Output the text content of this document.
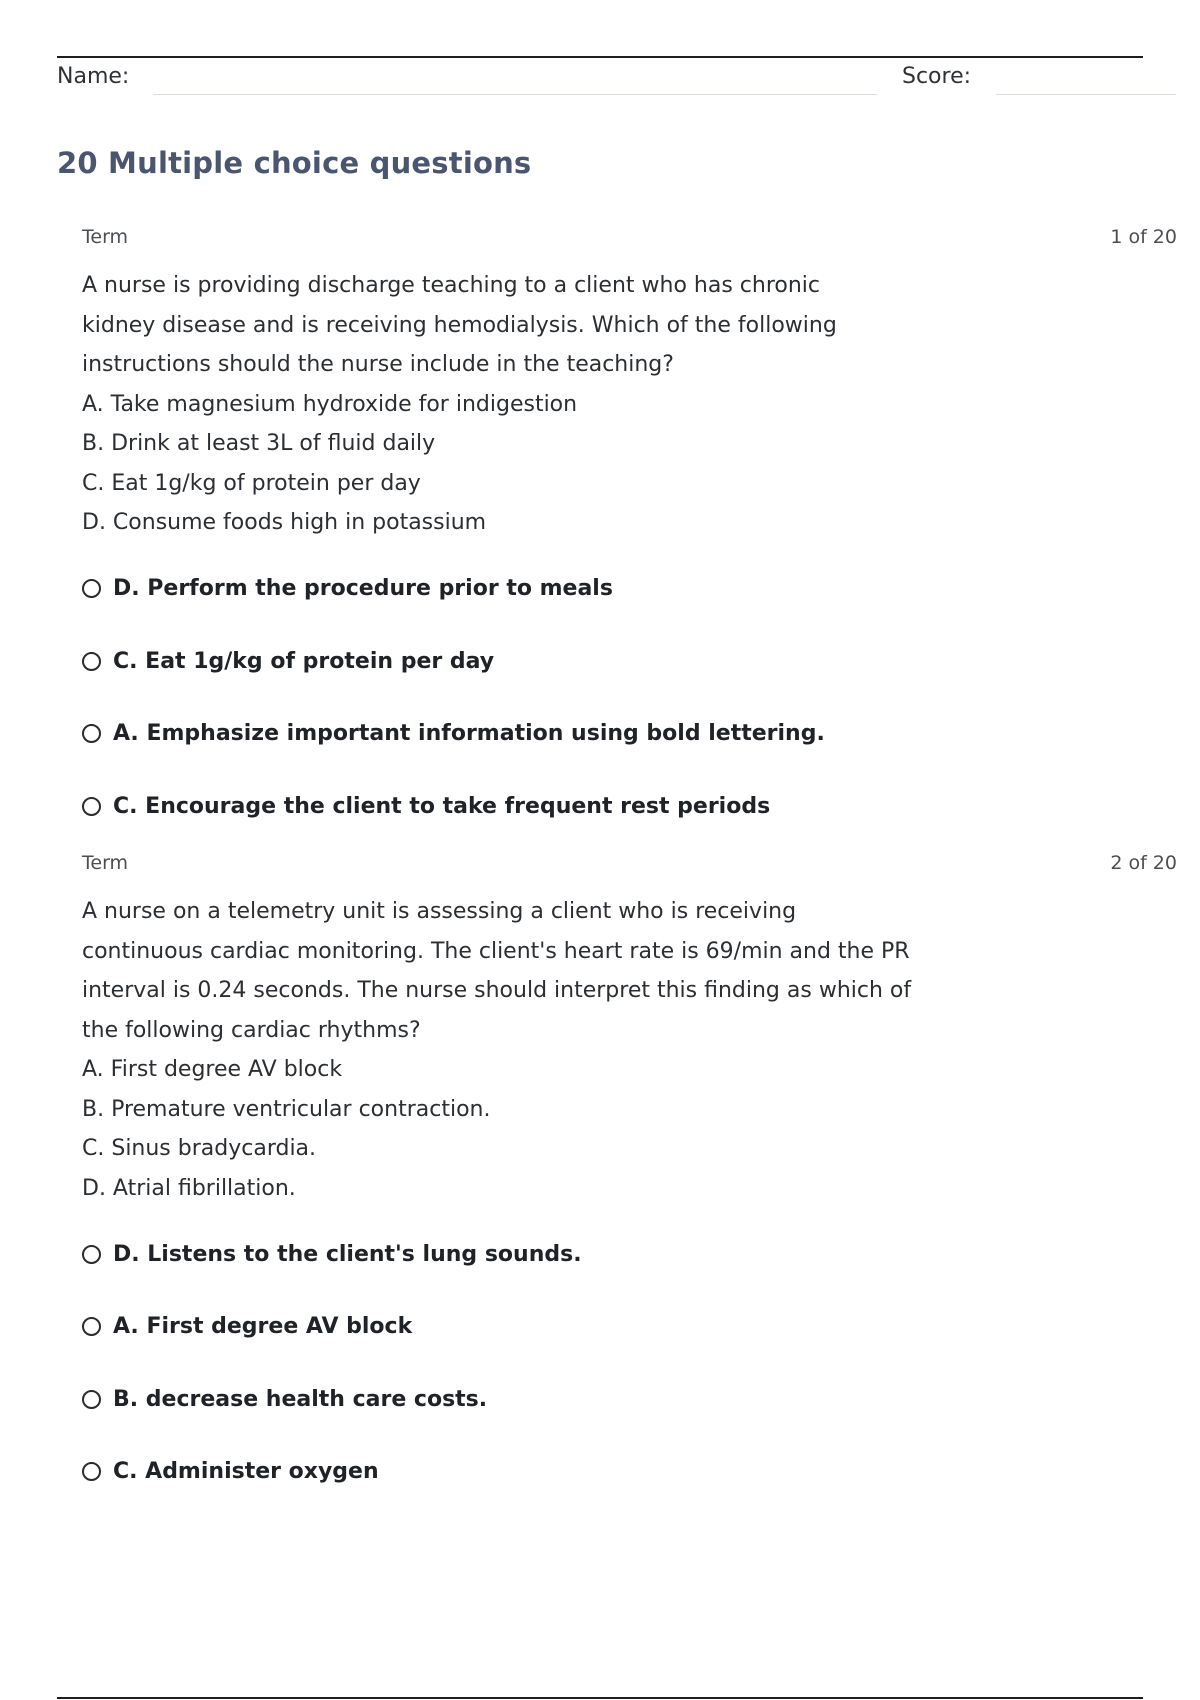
Name:	Score:
20 Multiple choice questions
Term	1 of 20
A nurse is providing discharge teaching to a client who has chronic
kidney disease and is receiving hemodialysis. Which of the following
instructions should the nurse include in the teaching?
A. Take magnesium hydroxide for indigestion
B. Drink at least 3L of fluid daily
C. Eat 1g/kg of protein per day
D. Consume foods high in potassium
D. Perform the procedure prior to meals
C. Eat 1g/kg of protein per day
A. Emphasize important information using bold lettering.
C. Encourage the client to take frequent rest periods
Term	2 of 20
A nurse on a telemetry unit is assessing a client who is receiving
continuous cardiac monitoring. The client's heart rate is 69/min and the PR
interval is 0.24 seconds. The nurse should interpret this finding as which of
the following cardiac rhythms?
A. First degree AV block
B. Premature ventricular contraction.
C. Sinus bradycardia.
D. Atrial fibrillation.
D. Listens to the client's lung sounds.
A. First degree AV block
B. decrease health care costs.
C. Administer oxygen
